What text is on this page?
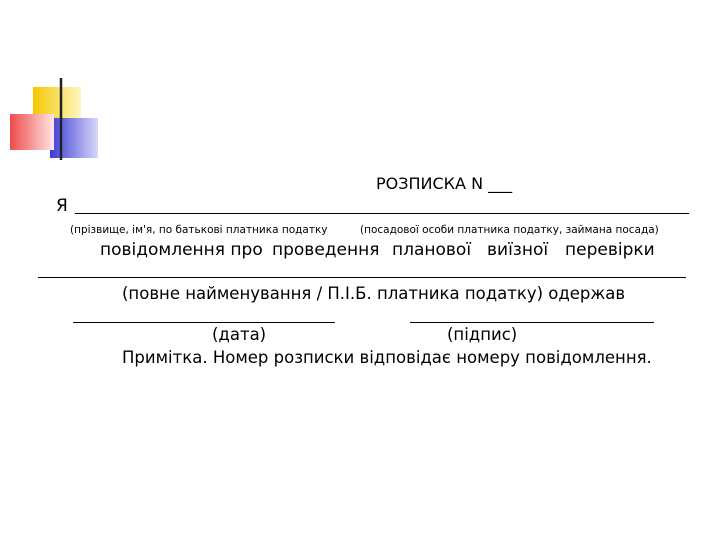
РОЗПИСКА N ___
Я
(прізвище, ім'я, по батькові платника податку	(посадової особи платника податку, займана посада)
повідомлення про проведення планової виїзної перевірки
(повне найменування / П.І.Б. платника податку) одержав
(дата)	(підпис)
Примітка. Номер розписки відповідає номеру повідомлення.
